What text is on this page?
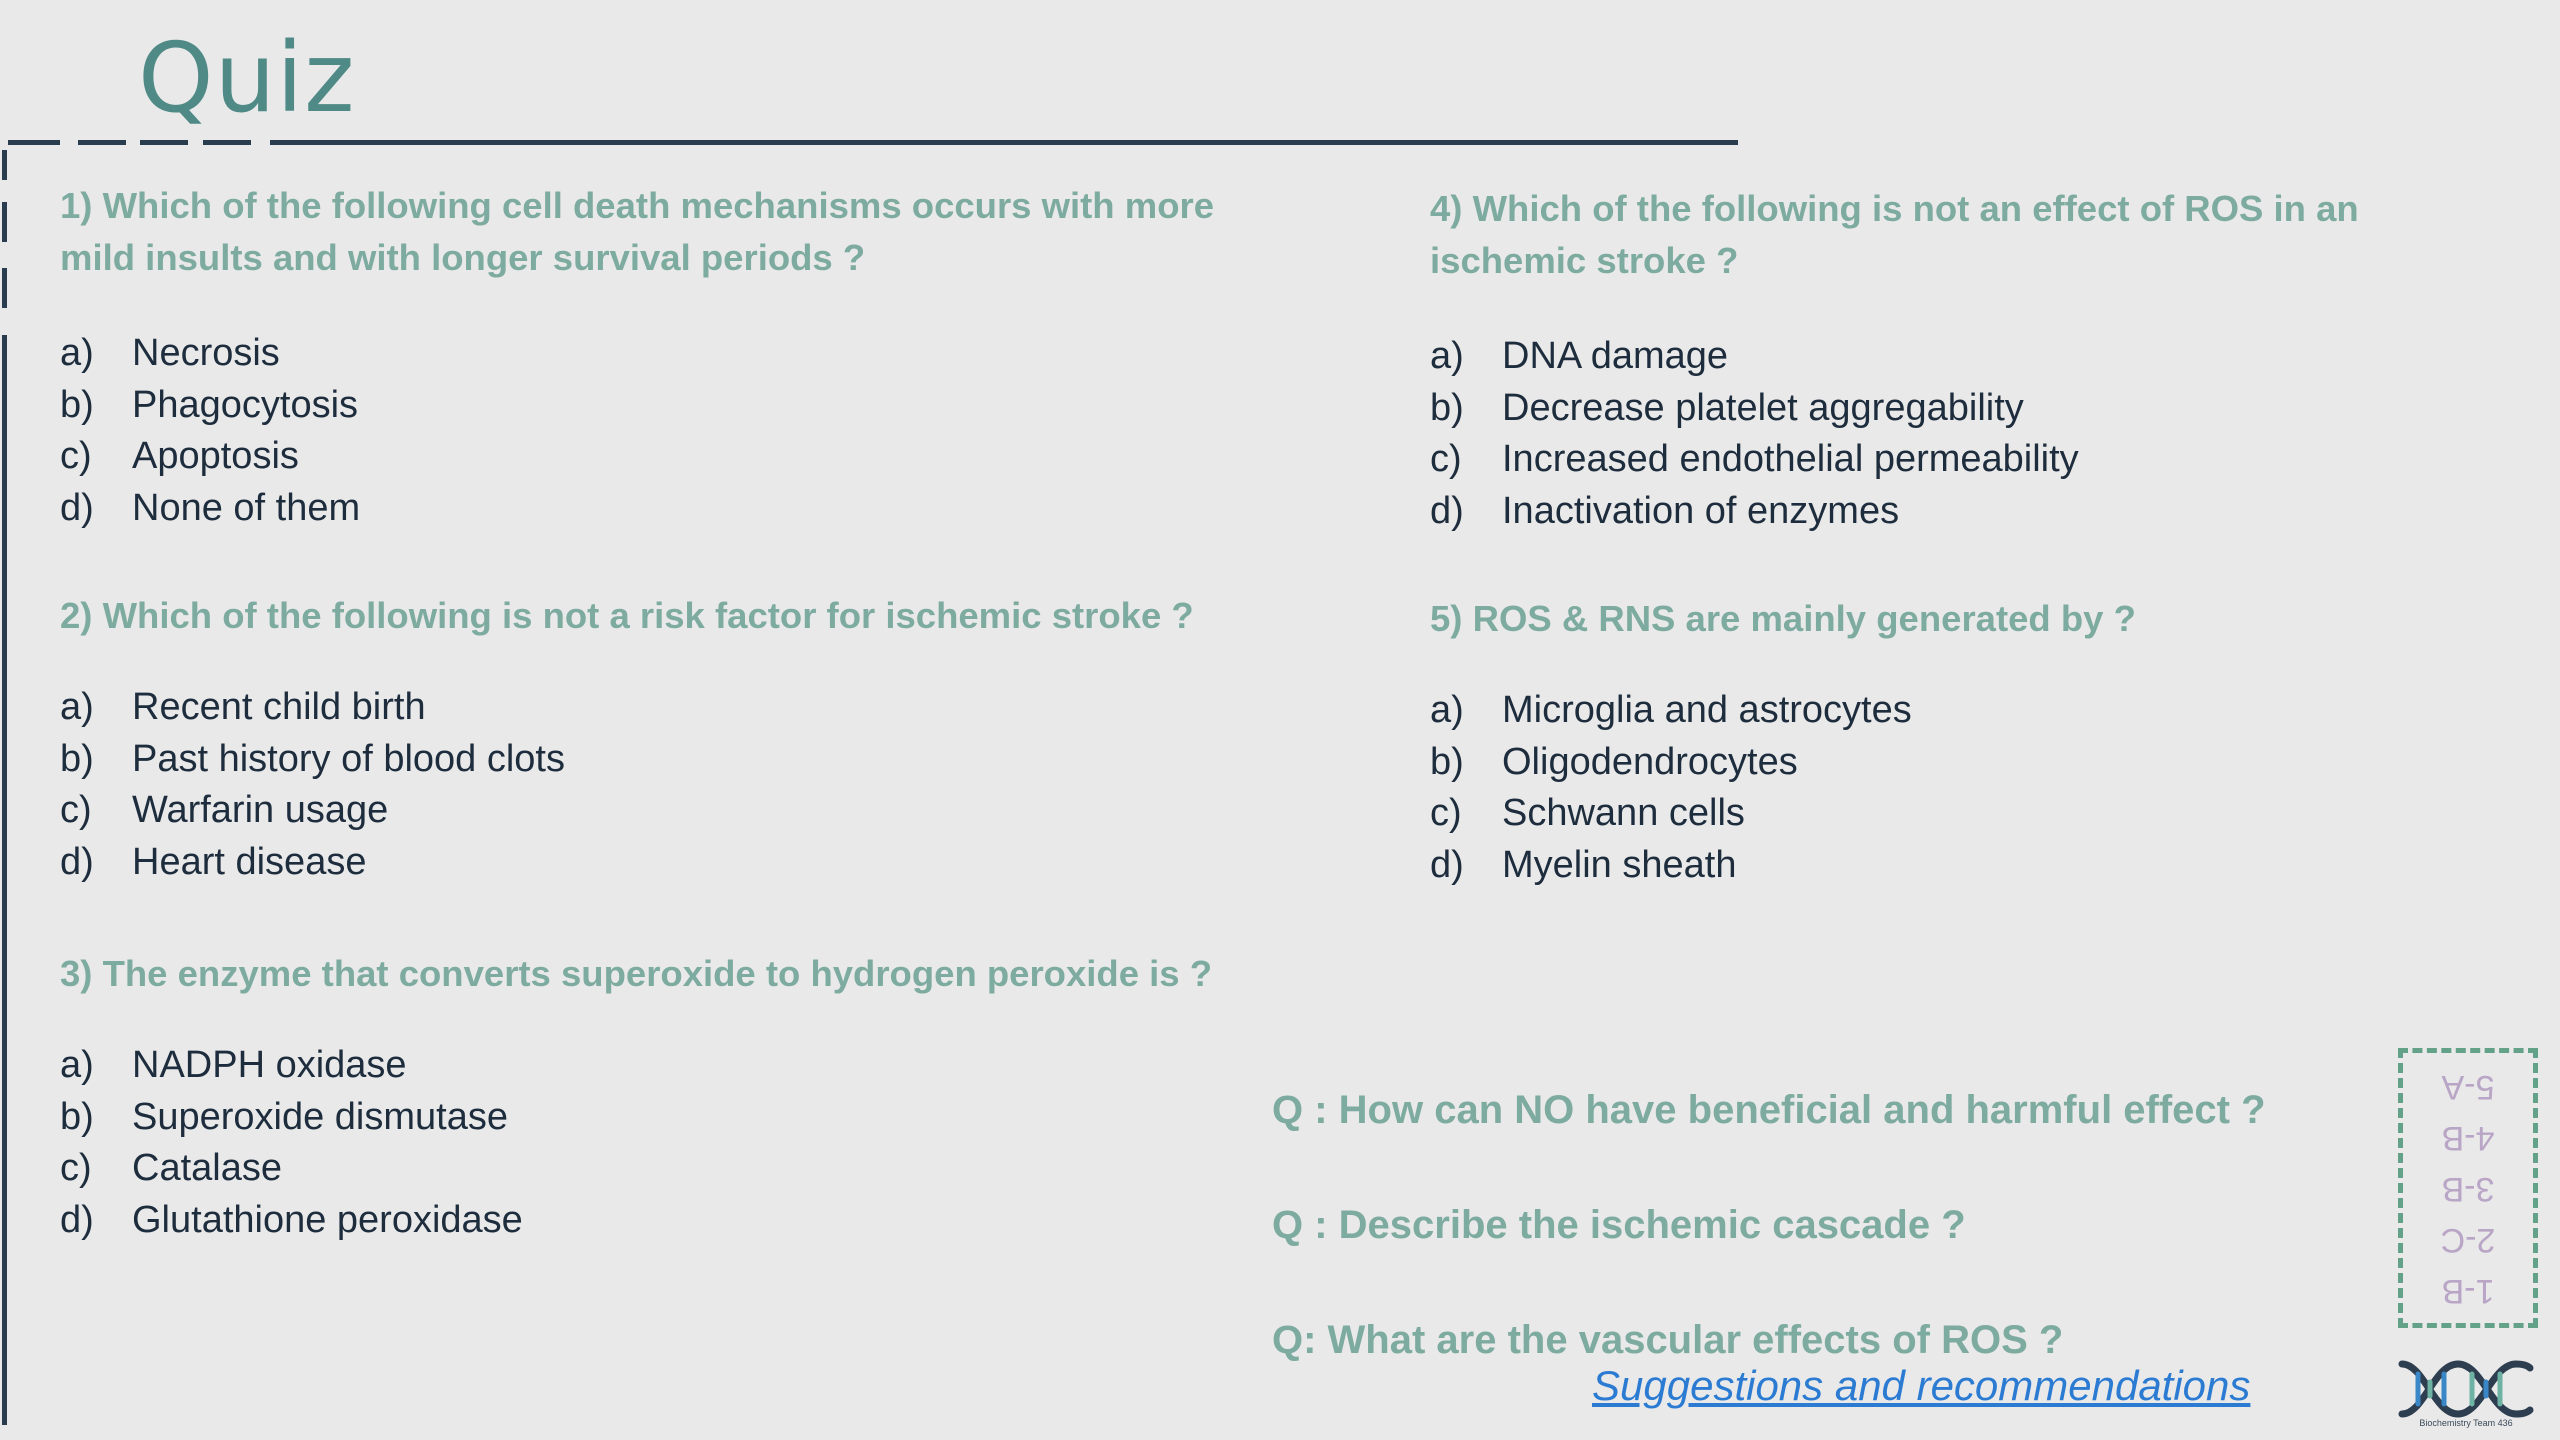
Quiz
1) Which of the following cell death mechanisms occurs with more mild insults and with longer survival periods ?
a)	Necrosis
b)	Phagocytosis
c)	Apoptosis
d)	None of them
2) Which of the following is not a risk factor for ischemic stroke ?
a)	Recent child birth
b)	Past history of blood clots
c)	Warfarin usage
d)	Heart disease
3) The enzyme that converts superoxide to hydrogen peroxide is ?
a)	NADPH oxidase
b)	Superoxide dismutase
c)	Catalase
d)	Glutathione peroxidase
4) Which of the following is not an effect of ROS in an ischemic stroke ?
a)	DNA damage
b)	Decrease platelet aggregability
c)	Increased endothelial permeability
d)	Inactivation of enzymes
5) ROS & RNS are mainly generated by ?
a)	Microglia and astrocytes
b)	Oligodendrocytes
c)	Schwann cells
d)	Myelin sheath
Q : How can NO have beneficial and harmful effect ?
Q : Describe the ischemic cascade ?
Q: What are the vascular effects of ROS ?
Suggestions and recommendations
5-A
4-B
3-B
2-C
1-B
Biochemistry Team 436
